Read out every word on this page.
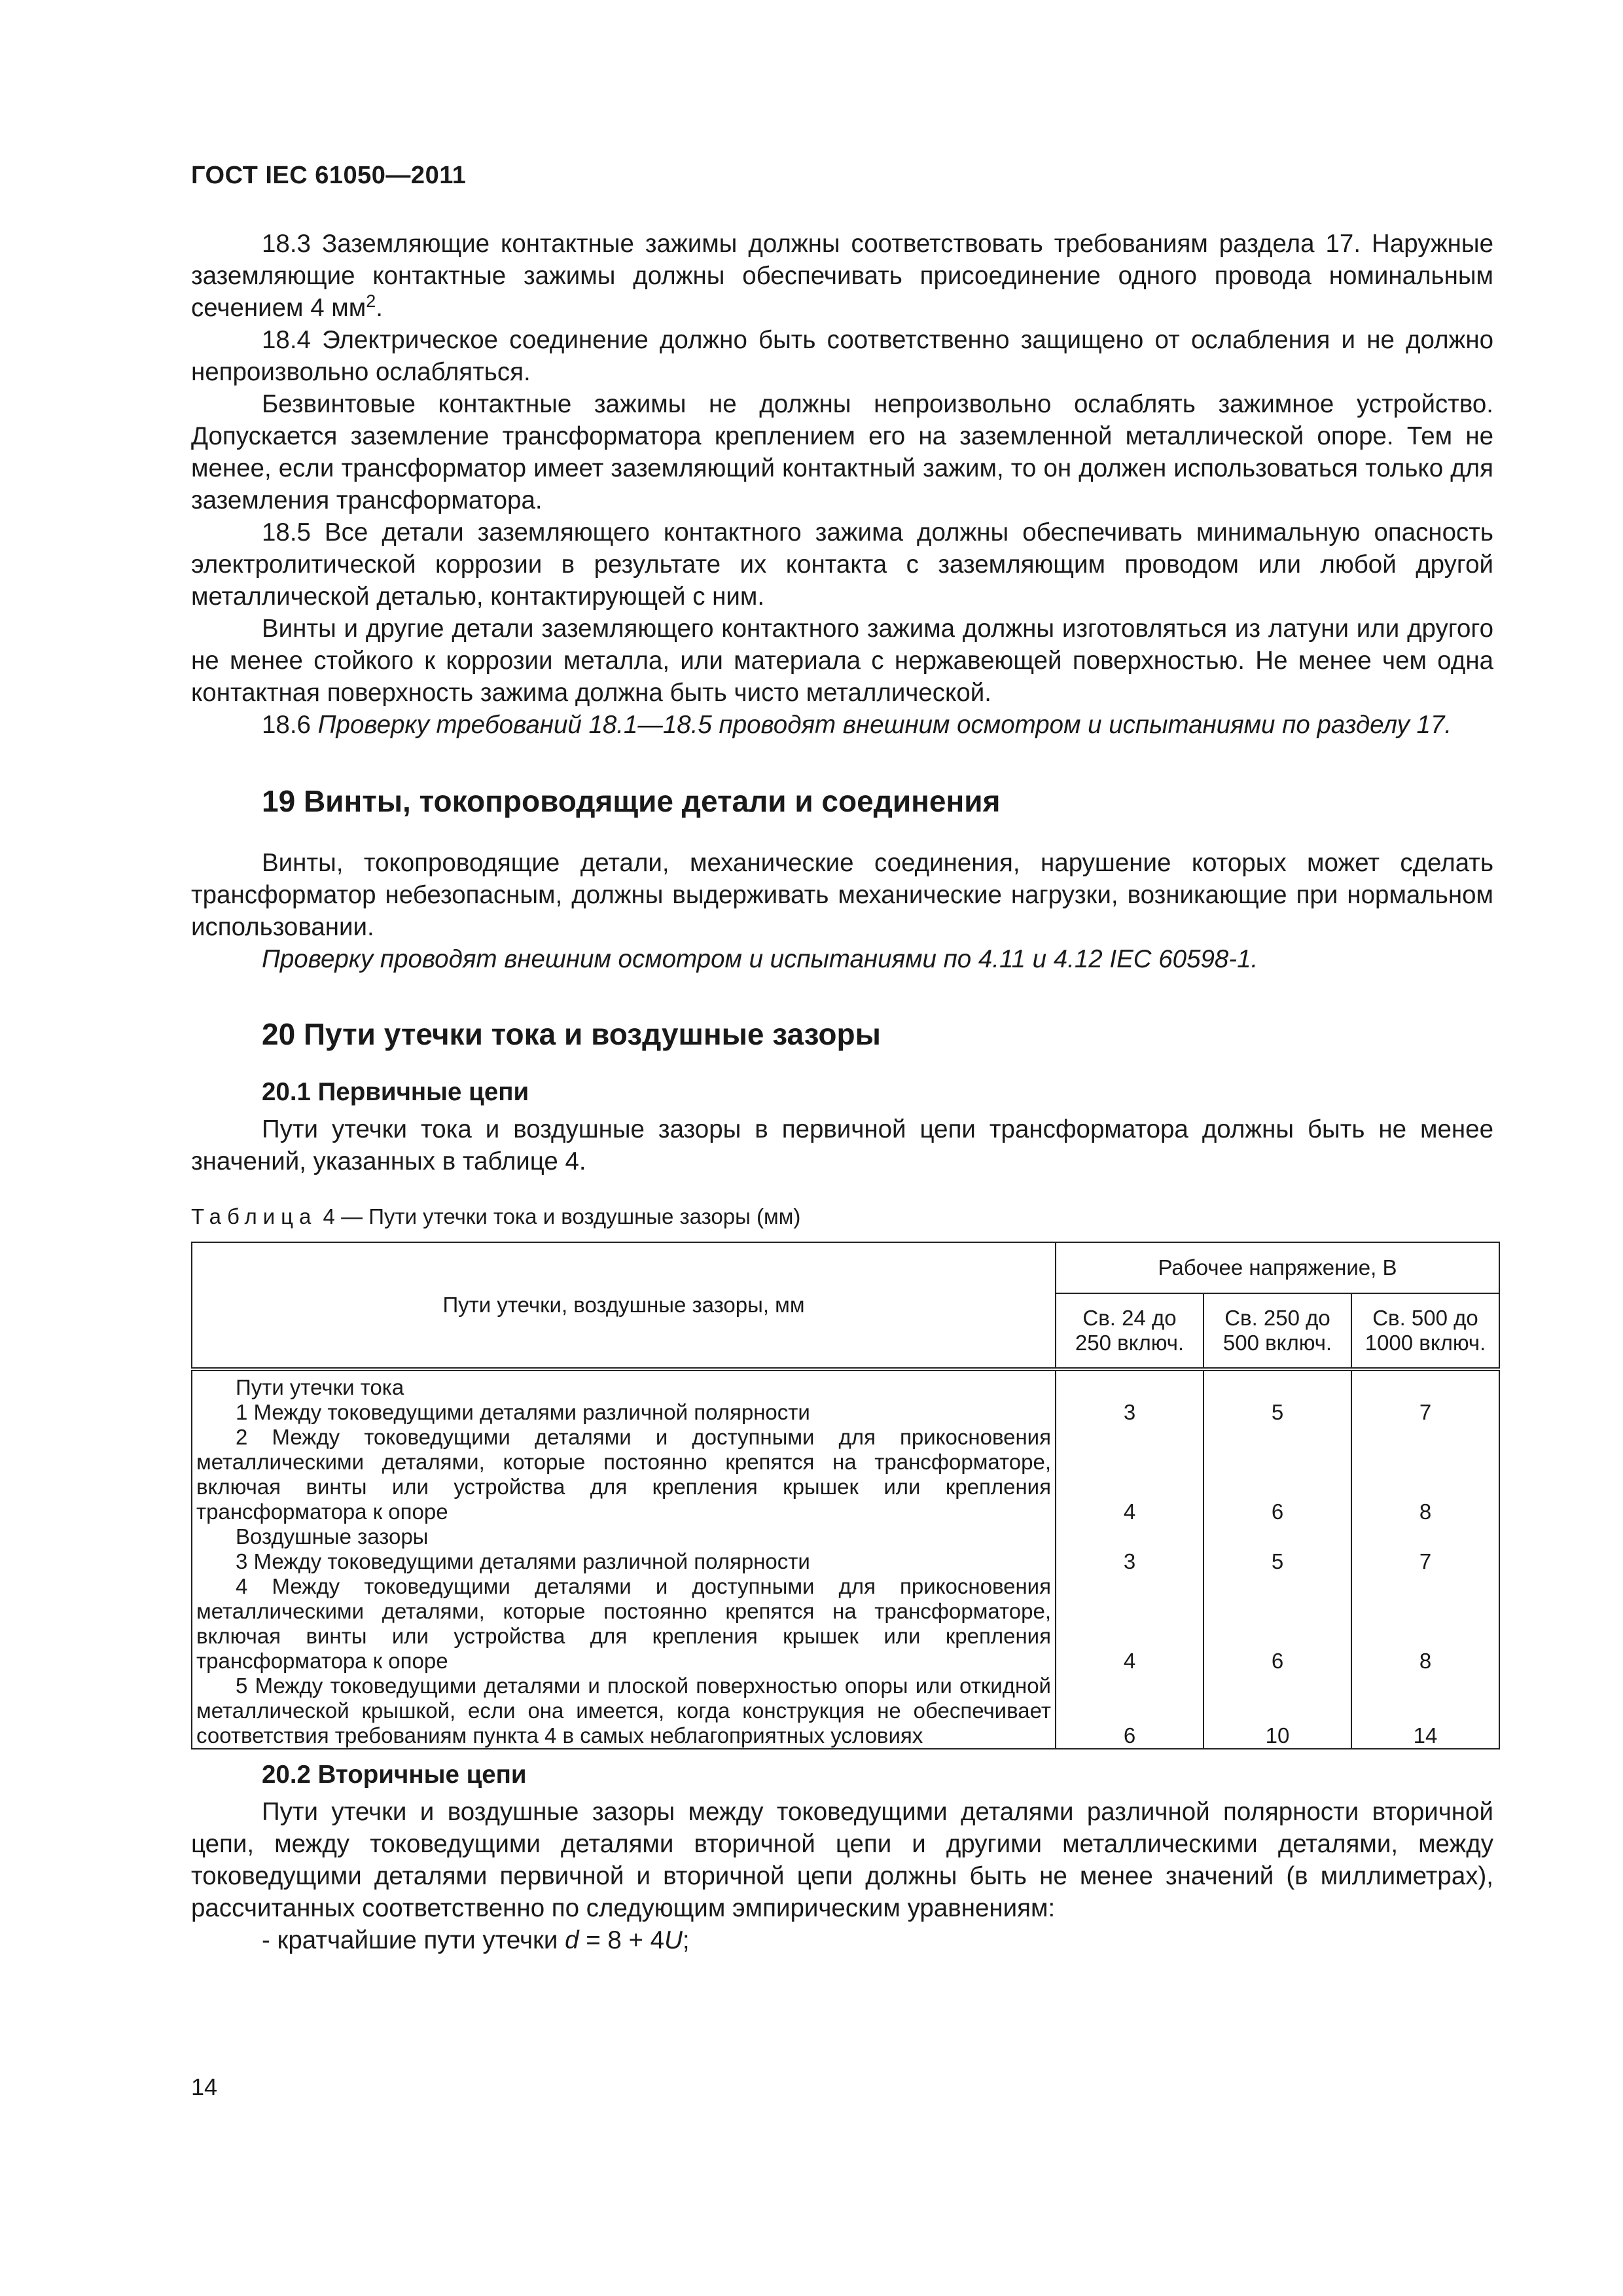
ГОСТ IEC 61050—2011

18.3 Заземляющие контактные зажимы должны соответствовать требованиям раздела 17. Наружные заземляющие контактные зажимы должны обеспечивать присоединение одного провода номинальным сечением 4 $мм^2$.

18.4 Электрическое соединение должно быть соответственно защищено от ослабления и не должно непроизвольно ослабляться.

Безвинтовые контактные зажимы не должны непроизвольно ослаблять зажимное устройство. Допускается заземление трансформатора креплением его на заземленной металлической опоре. Тем не менее, если трансформатор имеет заземляющий контактный зажим, то он должен использоваться только для заземления трансформатора.

18.5 Все детали заземляющего контактного зажима должны обеспечивать минимальную опасность электролитической коррозии в результате их контакта с заземляющим проводом или любой другой металлической деталью, контактирующей с ним.

Винты и другие детали заземляющего контактного зажима должны изготовляться из латуни или другого не менее стойкого к коррозии металла, или материала с нержавеющей поверхностью. Не менее чем одна контактная поверхность зажима должна быть чисто металлической.

18.6 Проверку требований 18.1—18.5 проводят внешним осмотром и испытаниями по разделу 17.

19 Винты, токопроводящие детали и соединения

Винты, токопроводящие детали, механические соединения, нарушение которых может сделать трансформатор небезопасным, должны выдерживать механические нагрузки, возникающие при нормальном использовании.

Проверку проводят внешним осмотром и испытаниями по 4.11 и 4.12 IEC 60598-1.

20 Пути утечки тока и воздушные зазоры
20.1 Первичные цепи

Пути утечки тока и воздушные зазоры в первичной цепи трансформатора должны быть не менее значений, указанных в таблице 4.

Таблица 4 — Пути утечки тока и воздушные зазоры (мм)

Пути утечки, воздушные зазоры, мм	Рабочее напряжение, В		
	Св. 24 до 250 включ.	Св. 250 до 500 включ.	Св. 500 до 1000 включ.
Пути утечки тока			
1 Между токоведущими деталями различной полярности	3	5	7
2 Между токоведущими деталями и доступными для прикосновения металлическими деталями, которые постоянно крепятся на трансформаторе, включая винты или устройства для крепления крышек или крепления трансформатора к опоре	4	6	8
Воздушные зазоры			
3 Между токоведущими деталями различной полярности	3	5	7
4 Между токоведущими деталями и доступными для прикосновения металлическими деталями, которые постоянно крепятся на трансформаторе, включая винты или устройства для крепления крышек или крепления трансформатора к опоре	4	6	8
5 Между токоведущими деталями и плоской поверхностью опоры или откидной металлической крышкой, если она имеется, когда конструкция не обеспечивает соответствия требованиям пункта 4 в самых неблагоприятных условиях	6	10	14
20.2 Вторичные цепи

Пути утечки и воздушные зазоры между токоведущими деталями различной полярности вторичной цепи, между токоведущими деталями вторичной цепи и другими металлическими деталями, между токоведущими деталями первичной и вторичной цепи должны быть не менее значений (в миллиметрах), рассчитанных соответственно по следующим эмпирическим уравнениям:

- кратчайшие пути утечки d = 8 + 4U;

14
